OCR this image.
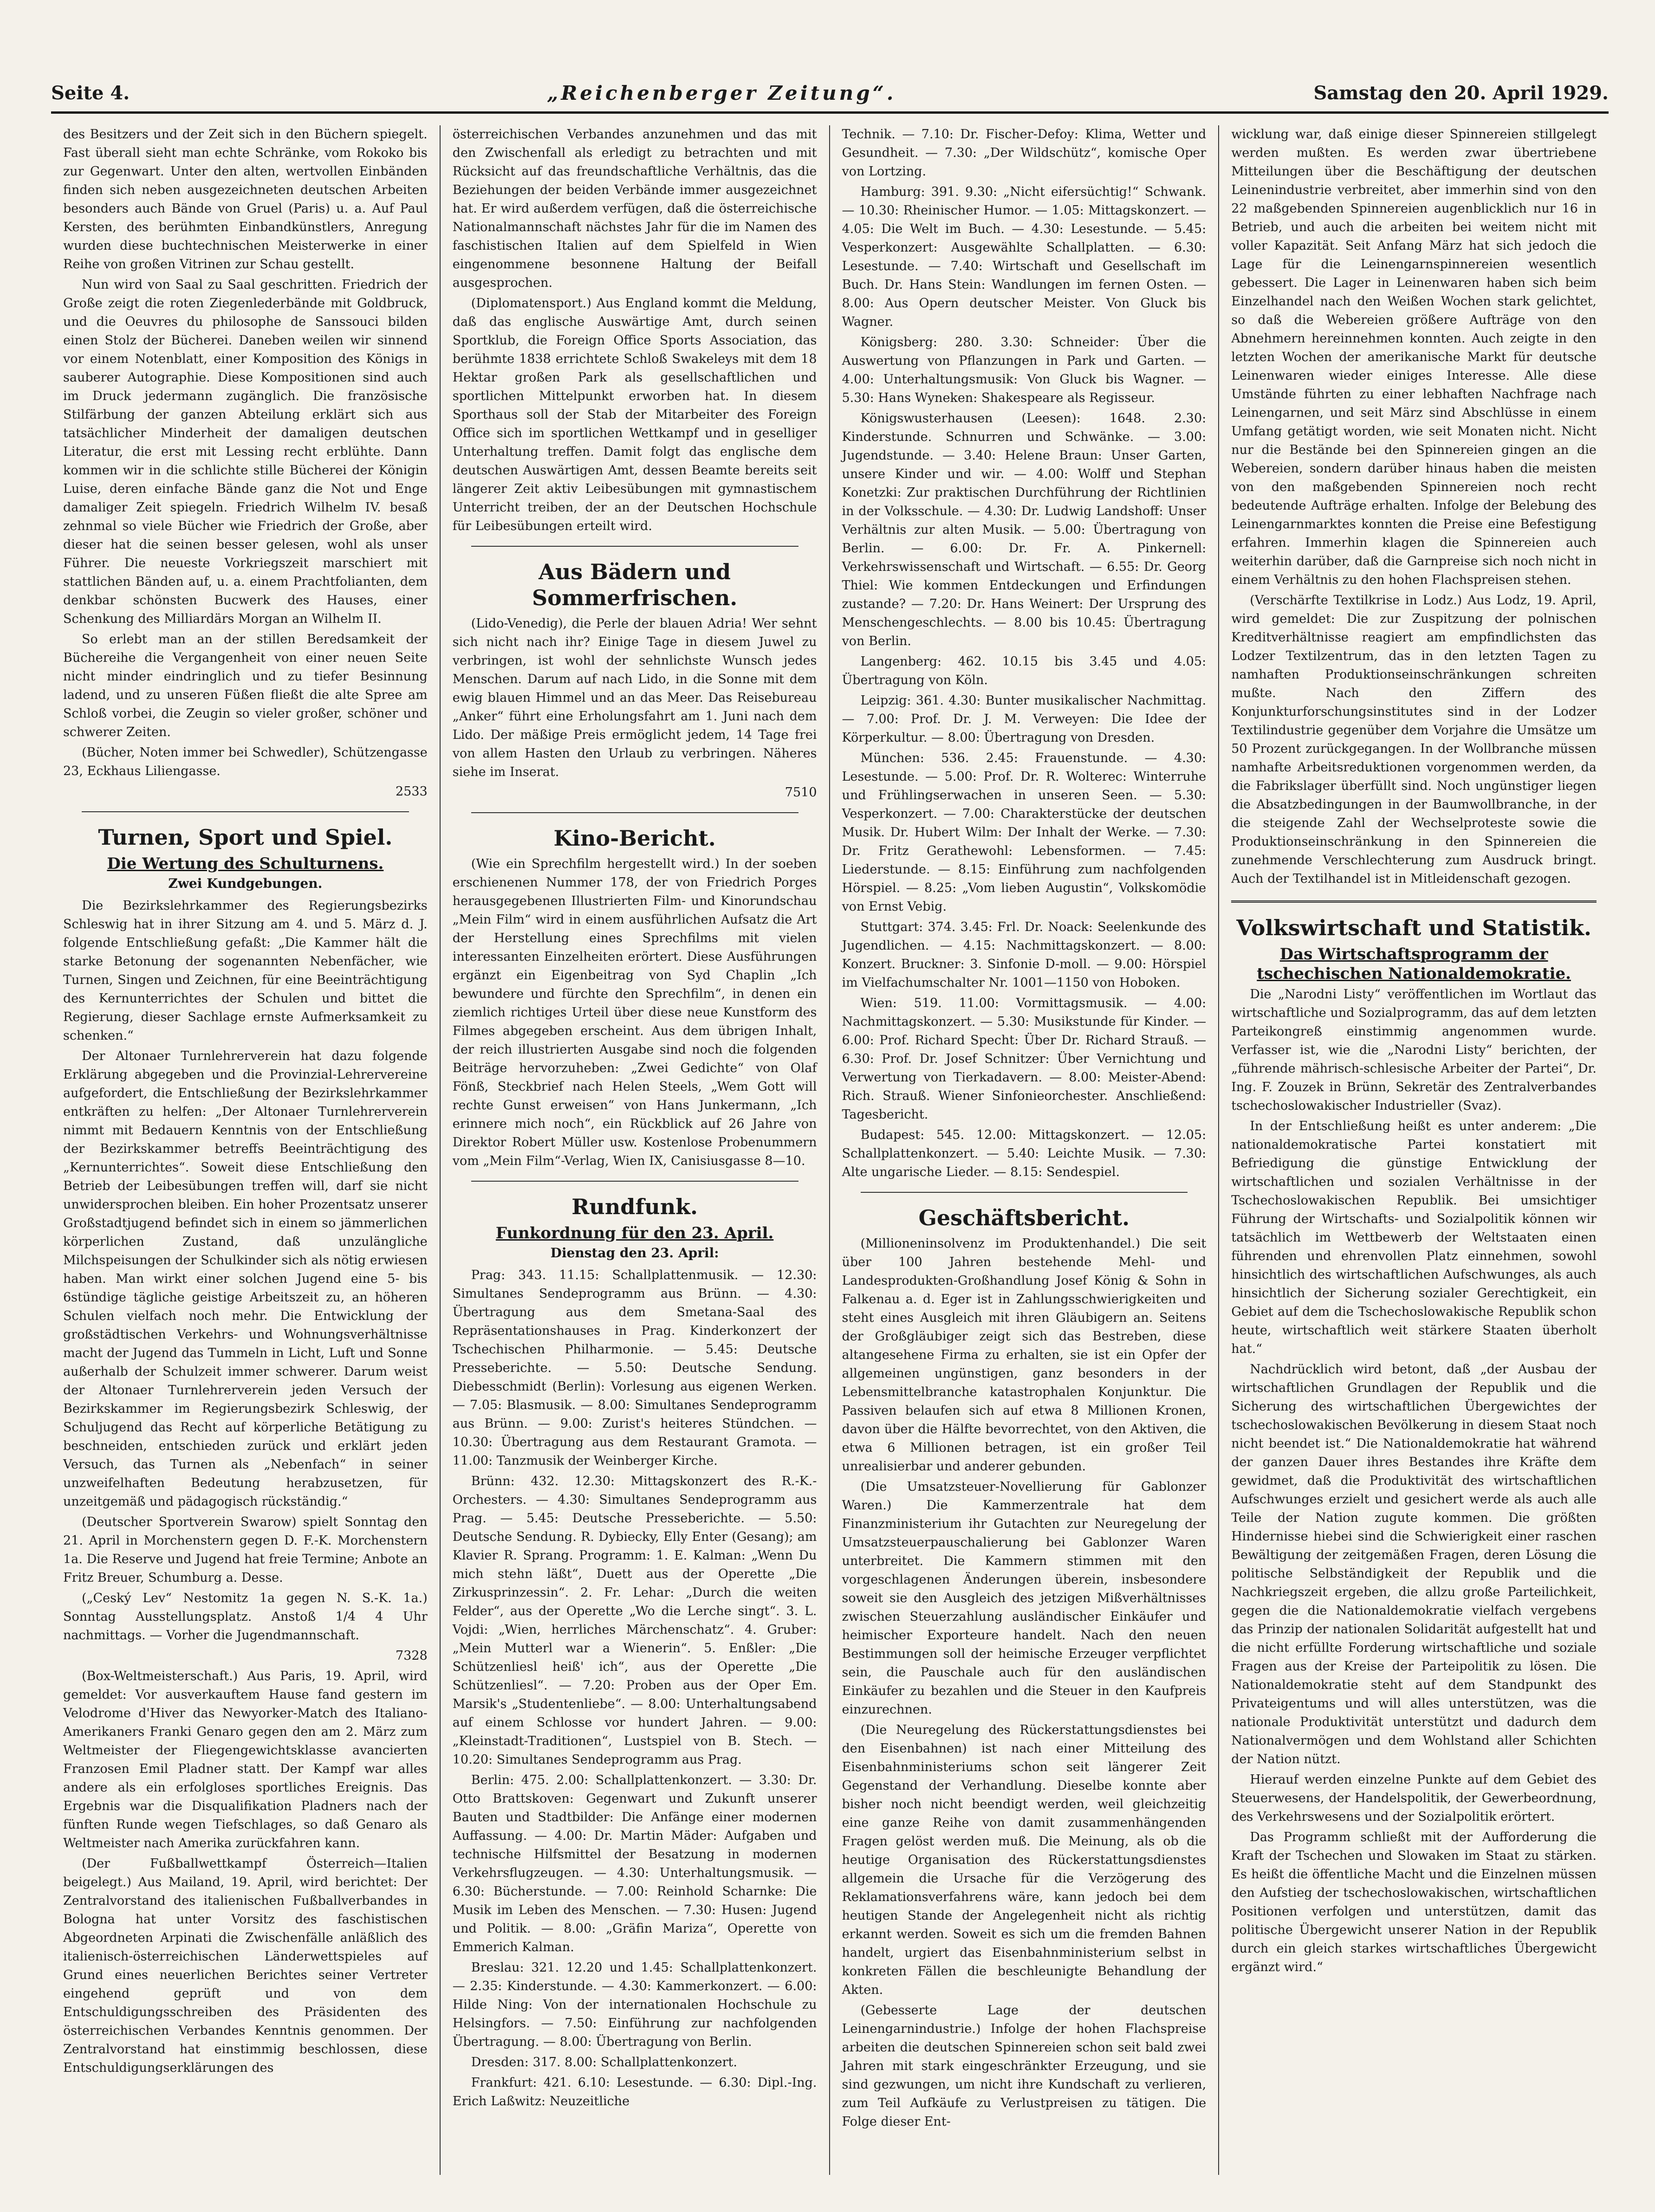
Seite 4.	„Reichenberger Zeitung“.	Samstag den 20. April 1929.

des Besitzers und der Zeit sich in den Büchern spiegelt. Fast überall sieht man echte Schränke, vom Rokoko bis zur Gegenwart. Unter den alten, wertvollen Einbänden finden sich neben ausgezeichneten deutschen Arbeiten besonders auch Bände von Gruel (Paris) u. a. Auf Paul Kersten, des berühmten Einbandkünstlers, Anregung wurden diese buchtechnischen Meisterwerke in einer Reihe von großen Vitrinen zur Schau gestellt.

Nun wird von Saal zu Saal geschritten. Friedrich der Große zeigt die roten Ziegenlederbände mit Goldbruck, und die Oeuvres du philosophe de Sanssouci bilden einen Stolz der Bücherei. Daneben weilen wir sinnend vor einem Notenblatt, einer Komposition des Königs in sauberer Autographie. Diese Kompositionen sind auch im Druck jedermann zugänglich. Die französische Stilfärbung der ganzen Abteilung erklärt sich aus tatsächlicher Minderheit der damaligen deutschen Literatur, die erst mit Lessing recht erblühte. Dann kommen wir in die schlichte stille Bücherei der Königin Luise, deren einfache Bände ganz die Not und Enge damaliger Zeit spiegeln. Friedrich Wilhelm IV. besaß zehnmal so viele Bücher wie Friedrich der Große, aber dieser hat die seinen besser gelesen, wohl als unser Führer. Die neueste Vorkriegszeit marschiert mit stattlichen Bänden auf, u. a. einem Prachtfolianten, dem denkbar schönsten Bucwerk des Hauses, einer Schenkung des Milliardärs Morgan an Wilhelm II.

So erlebt man an der stillen Beredsamkeit der Büchereihe die Vergangenheit von einer neuen Seite nicht minder eindringlich und zu tiefer Besinnung ladend, und zu unseren Füßen fließt die alte Spree am Schloß vorbei, die Zeugin so vieler großer, schöner und schwerer Zeiten.

(Bücher, Noten immer bei Schwedler), Schützengasse 23, Eckhaus Liliengasse.

2533

Turnen, Sport und Spiel.
Die Wertung des Schulturnens.
Zwei Kundgebungen.

Die Bezirkslehrkammer des Regierungsbezirks Schleswig hat in ihrer Sitzung am 4. und 5. März d. J. folgende Entschließung gefaßt: „Die Kammer hält die starke Betonung der sogenannten Nebenfächer, wie Turnen, Singen und Zeichnen, für eine Beeinträchtigung des Kernunterrichtes der Schulen und bittet die Regierung, dieser Sachlage ernste Aufmerksamkeit zu schenken.“

Der Altonaer Turnlehrerverein hat dazu folgende Erklärung abgegeben und die Provinzial-Lehrervereine aufgefordert, die Entschließung der Bezirkslehrkammer entkräften zu helfen: „Der Altonaer Turnlehrerverein nimmt mit Bedauern Kenntnis von der Entschließung der Bezirkskammer betreffs Beeinträchtigung des „Kernunterrichtes“. Soweit diese Entschließung den Betrieb der Leibesübungen treffen will, darf sie nicht unwidersprochen bleiben. Ein hoher Prozentsatz unserer Großstadtjugend befindet sich in einem so jämmerlichen körperlichen Zustand, daß unzulängliche Milchspeisungen der Schulkinder sich als nötig erwiesen haben. Man wirkt einer solchen Jugend eine 5- bis 6stündige tägliche geistige Arbeitszeit zu, an höheren Schulen vielfach noch mehr. Die Entwicklung der großstädtischen Verkehrs- und Wohnungsverhältnisse macht der Jugend das Tummeln in Licht, Luft und Sonne außerhalb der Schulzeit immer schwerer. Darum weist der Altonaer Turnlehrerverein jeden Versuch der Bezirkskammer im Regierungsbezirk Schleswig, der Schuljugend das Recht auf körperliche Betätigung zu beschneiden, entschieden zurück und erklärt jeden Versuch, das Turnen als „Nebenfach“ in seiner unzweifelhaften Bedeutung herabzusetzen, für unzeitgemäß und pädagogisch rückständig.“

(Deutscher Sportverein Swarow) spielt Sonntag den 21. April in Morchenstern gegen D. F.-K. Morchenstern 1a. Die Reserve und Jugend hat freie Termine; Anbote an Fritz Breuer, Schumburg a. Desse.

(„Ceský Lev“ Nestomitz 1a gegen N. S.-K. 1a.) Sonntag Ausstellungsplatz. Anstoß 1/4 4 Uhr nachmittags. — Vorher die Jugendmannschaft.

7328

(Box-Weltmeisterschaft.) Aus Paris, 19. April, wird gemeldet: Vor ausverkauftem Hause fand gestern im Velodrome d'Hiver das Newyorker-Match des Italiano-Amerikaners Franki Genaro gegen den am 2. März zum Weltmeister der Fliegengewichtsklasse avancierten Franzosen Emil Pladner statt. Der Kampf war alles andere als ein erfolgloses sportliches Ereignis. Das Ergebnis war die Disqualifikation Pladners nach der fünften Runde wegen Tiefschlages, so daß Genaro als Weltmeister nach Amerika zurückfahren kann.

(Der Fußballwettkampf Österreich—Italien beigelegt.) Aus Mailand, 19. April, wird berichtet: Der Zentralvorstand des italienischen Fußballverbandes in Bologna hat unter Vorsitz des faschistischen Abgeordneten Arpinati die Zwischenfälle anläßlich des italienisch-österreichischen Länderwettspieles auf Grund eines neuerlichen Berichtes seiner Vertreter eingehend geprüft und von dem Entschuldigungsschreiben des Präsidenten des österreichischen Verbandes Kenntnis genommen. Der Zentralvorstand hat einstimmig beschlossen, diese Entschuldigungserklärungen des

österreichischen Verbandes anzunehmen und das mit den Zwischenfall als erledigt zu betrachten und mit Rücksicht auf das freundschaftliche Verhältnis, das die Beziehungen der beiden Verbände immer ausgezeichnet hat. Er wird außerdem verfügen, daß die österreichische Nationalmannschaft nächstes Jahr für die im Namen des faschistischen Italien auf dem Spielfeld in Wien eingenommene besonnene Haltung der Beifall ausgesprochen.

(Diplomatensport.) Aus England kommt die Meldung, daß das englische Auswärtige Amt, durch seinen Sportklub, die Foreign Office Sports Association, das berühmte 1838 errichtete Schloß Swakeleys mit dem 18 Hektar großen Park als gesellschaftlichen und sportlichen Mittelpunkt erworben hat. In diesem Sporthaus soll der Stab der Mitarbeiter des Foreign Office sich im sportlichen Wettkampf und in geselliger Unterhaltung treffen. Damit folgt das englische dem deutschen Auswärtigen Amt, dessen Beamte bereits seit längerer Zeit aktiv Leibesübungen mit gymnastischem Unterricht treiben, der an der Deutschen Hochschule für Leibesübungen erteilt wird.

Aus Bädern und Sommerfrischen.

(Lido-Venedig), die Perle der blauen Adria! Wer sehnt sich nicht nach ihr? Einige Tage in diesem Juwel zu verbringen, ist wohl der sehnlichste Wunsch jedes Menschen. Darum auf nach Lido, in die Sonne mit dem ewig blauen Himmel und an das Meer. Das Reisebureau „Anker“ führt eine Erholungsfahrt am 1. Juni nach dem Lido. Der mäßige Preis ermöglicht jedem, 14 Tage frei von allem Hasten den Urlaub zu verbringen. Näheres siehe im Inserat.

7510

Kino-Bericht.

(Wie ein Sprechfilm hergestellt wird.) In der soeben erschienenen Nummer 178, der von Friedrich Porges herausgegebenen Illustrierten Film- und Kinorundschau „Mein Film“ wird in einem ausführlichen Aufsatz die Art der Herstellung eines Sprechfilms mit vielen interessanten Einzelheiten erörtert. Diese Ausführungen ergänzt ein Eigenbeitrag von Syd Chaplin „Ich bewundere und fürchte den Sprechfilm“, in denen ein ziemlich richtiges Urteil über diese neue Kunstform des Filmes abgegeben erscheint. Aus dem übrigen Inhalt, der reich illustrierten Ausgabe sind noch die folgenden Beiträge hervorzuheben: „Zwei Gedichte“ von Olaf Fönß, Steckbrief nach Helen Steels, „Wem Gott will rechte Gunst erweisen“ von Hans Junkermann, „Ich erinnere mich noch“, ein Rückblick auf 26 Jahre von Direktor Robert Müller usw. Kostenlose Probenummern vom „Mein Film“-Verlag, Wien IX, Canisiusgasse 8—10.

Rundfunk.
Funkordnung für den 23. April.
Dienstag den 23. April:

Prag: 343. 11.15: Schallplattenmusik. — 12.30: Simultanes Sendeprogramm aus Brünn. — 4.30: Übertragung aus dem Smetana-Saal des Repräsentationshauses in Prag. Kinderkonzert der Tschechischen Philharmonie. — 5.45: Deutsche Presseberichte. — 5.50: Deutsche Sendung. Diebesschmidt (Berlin): Vorlesung aus eigenen Werken. — 7.05: Blasmusik. — 8.00: Simultanes Sendeprogramm aus Brünn. — 9.00: Zurist's heiteres Stündchen. — 10.30: Übertragung aus dem Restaurant Gramota. — 11.00: Tanzmusik der Weinberger Kirche.

Brünn: 432. 12.30: Mittagskonzert des R.-K.-Orchesters. — 4.30: Simultanes Sendeprogramm aus Prag. — 5.45: Deutsche Presseberichte. — 5.50: Deutsche Sendung. R. Dybiecky, Elly Enter (Gesang); am Klavier R. Sprang. Programm: 1. E. Kalman: „Wenn Du mich stehn läßt“, Duett aus der Operette „Die Zirkusprinzessin“. 2. Fr. Lehar: „Durch die weiten Felder“, aus der Operette „Wo die Lerche singt“. 3. L. Vojdi: „Wien, herrliches Märchenschatz“. 4. Gruber: „Mein Mutterl war a Wienerin“. 5. Enßler: „Die Schützenliesl heiß' ich“, aus der Operette „Die Schützenliesl“. — 7.20: Proben aus der Oper Em. Marsik's „Studentenliebe“. — 8.00: Unterhaltungsabend auf einem Schlosse vor hundert Jahren. — 9.00: „Kleinstadt-Traditionen“, Lustspiel von B. Stech. — 10.20: Simultanes Sendeprogramm aus Prag.

Berlin: 475. 2.00: Schallplattenkonzert. — 3.30: Dr. Otto Brattskoven: Gegenwart und Zukunft unserer Bauten und Stadtbilder: Die Anfänge einer modernen Auffassung. — 4.00: Dr. Martin Mäder: Aufgaben und technische Hilfsmittel der Besatzung in modernen Verkehrsflugzeugen. — 4.30: Unterhaltungsmusik. — 6.30: Bücherstunde. — 7.00: Reinhold Scharnke: Die Musik im Leben des Menschen. — 7.30: Husen: Jugend und Politik. — 8.00: „Gräfin Mariza“, Operette von Emmerich Kalman.

Breslau: 321. 12.20 und 1.45: Schallplattenkonzert. — 2.35: Kinderstunde. — 4.30: Kammerkonzert. — 6.00: Hilde Ning: Von der internationalen Hochschule zu Helsingfors. — 7.50: Einführung zur nachfolgenden Übertragung. — 8.00: Übertragung von Berlin.

Dresden: 317. 8.00: Schallplattenkonzert.

Frankfurt: 421. 6.10: Lesestunde. — 6.30: Dipl.-Ing. Erich Laßwitz: Neuzeitliche

Technik. — 7.10: Dr. Fischer-Defoy: Klima, Wetter und Gesundheit. — 7.30: „Der Wildschütz“, komische Oper von Lortzing.

Hamburg: 391. 9.30: „Nicht eifersüchtig!“ Schwank. — 10.30: Rheinischer Humor. — 1.05: Mittagskonzert. — 4.05: Die Welt im Buch. — 4.30: Lesestunde. — 5.45: Vesperkonzert: Ausgewählte Schallplatten. — 6.30: Lesestunde. — 7.40: Wirtschaft und Gesellschaft im Buch. Dr. Hans Stein: Wandlungen im fernen Osten. — 8.00: Aus Opern deutscher Meister. Von Gluck bis Wagner.

Königsberg: 280. 3.30: Schneider: Über die Auswertung von Pflanzungen in Park und Garten. — 4.00: Unterhaltungsmusik: Von Gluck bis Wagner. — 5.30: Hans Wyneken: Shakespeare als Regisseur.

Königswusterhausen (Leesen): 1648. 2.30: Kinderstunde. Schnurren und Schwänke. — 3.00: Jugendstunde. — 3.40: Helene Braun: Unser Garten, unsere Kinder und wir. — 4.00: Wolff und Stephan Konetzki: Zur praktischen Durchführung der Richtlinien in der Volksschule. — 4.30: Dr. Ludwig Landshoff: Unser Verhältnis zur alten Musik. — 5.00: Übertragung von Berlin. — 6.00: Dr. Fr. A. Pinkernell: Verkehrswissenschaft und Wirtschaft. — 6.55: Dr. Georg Thiel: Wie kommen Entdeckungen und Erfindungen zustande? — 7.20: Dr. Hans Weinert: Der Ursprung des Menschengeschlechts. — 8.00 bis 10.45: Übertragung von Berlin.

Langenberg: 462. 10.15 bis 3.45 und 4.05: Übertragung von Köln.

Leipzig: 361. 4.30: Bunter musikalischer Nachmittag. — 7.00: Prof. Dr. J. M. Verweyen: Die Idee der Körperkultur. — 8.00: Übertragung von Dresden.

München: 536. 2.45: Frauenstunde. — 4.30: Lesestunde. — 5.00: Prof. Dr. R. Wolterec: Winterruhe und Frühlingserwachen in unseren Seen. — 5.30: Vesperkonzert. — 7.00: Charakterstücke der deutschen Musik. Dr. Hubert Wilm: Der Inhalt der Werke. — 7.30: Dr. Fritz Gerathewohl: Lebensformen. — 7.45: Liederstunde. — 8.15: Einführung zum nachfolgenden Hörspiel. — 8.25: „Vom lieben Augustin“, Volkskomödie von Ernst Vebig.

Stuttgart: 374. 3.45: Frl. Dr. Noack: Seelenkunde des Jugendlichen. — 4.15: Nachmittagskonzert. — 8.00: Konzert. Bruckner: 3. Sinfonie D-moll. — 9.00: Hörspiel im Vielfachumschalter Nr. 1001—1150 von Hoboken.

Wien: 519. 11.00: Vormittagsmusik. — 4.00: Nachmittagskonzert. — 5.30: Musikstunde für Kinder. — 6.00: Prof. Richard Specht: Über Dr. Richard Strauß. — 6.30: Prof. Dr. Josef Schnitzer: Über Vernichtung und Verwertung von Tierkadavern. — 8.00: Meister-Abend: Rich. Strauß. Wiener Sinfonieorchester. Anschließend: Tagesbericht.

Budapest: 545. 12.00: Mittagskonzert. — 12.05: Schallplattenkonzert. — 5.40: Leichte Musik. — 7.30: Alte ungarische Lieder. — 8.15: Sendespiel.

Geschäftsbericht.

(Millioneninsolvenz im Produktenhandel.) Die seit über 100 Jahren bestehende Mehl- und Landesprodukten-Großhandlung Josef König & Sohn in Falkenau a. d. Eger ist in Zahlungsschwierigkeiten und steht eines Ausgleich mit ihren Gläubigern an. Seitens der Großgläubiger zeigt sich das Bestreben, diese altangesehene Firma zu erhalten, sie ist ein Opfer der allgemeinen ungünstigen, ganz besonders in der Lebensmittelbranche katastrophalen Konjunktur. Die Passiven belaufen sich auf etwa 8 Millionen Kronen, davon über die Hälfte bevorrechtet, von den Aktiven, die etwa 6 Millionen betragen, ist ein großer Teil unrealisierbar und anderer gebunden.

(Die Umsatzsteuer-Novellierung für Gablonzer Waren.) Die Kammerzentrale hat dem Finanzministerium ihr Gutachten zur Neuregelung der Umsatzsteuerpauschalierung bei Gablonzer Waren unterbreitet. Die Kammern stimmen mit den vorgeschlagenen Änderungen überein, insbesondere soweit sie den Ausgleich des jetzigen Mißverhältnisses zwischen Steuerzahlung ausländischer Einkäufer und heimischer Exporteure handelt. Nach den neuen Bestimmungen soll der heimische Erzeuger verpflichtet sein, die Pauschale auch für den ausländischen Einkäufer zu bezahlen und die Steuer in den Kaufpreis einzurechnen.

(Die Neuregelung des Rückerstattungsdienstes bei den Eisenbahnen) ist nach einer Mitteilung des Eisenbahnministeriums schon seit längerer Zeit Gegenstand der Verhandlung. Dieselbe konnte aber bisher noch nicht beendigt werden, weil gleichzeitig eine ganze Reihe von damit zusammenhängenden Fragen gelöst werden muß. Die Meinung, als ob die heutige Organisation des Rückerstattungsdienstes allgemein die Ursache für die Verzögerung des Reklamationsverfahrens wäre, kann jedoch bei dem heutigen Stande der Angelegenheit nicht als richtig erkannt werden. Soweit es sich um die fremden Bahnen handelt, urgiert das Eisenbahnministerium selbst in konkreten Fällen die beschleunigte Behandlung der Akten.

(Gebesserte Lage der deutschen Leinengarnindustrie.) Infolge der hohen Flachspreise arbeiten die deutschen Spinnereien schon seit bald zwei Jahren mit stark eingeschränkter Erzeugung, und sie sind gezwungen, um nicht ihre Kundschaft zu verlieren, zum Teil Aufkäufe zu Verlustpreisen zu tätigen. Die Folge dieser Ent-

wicklung war, daß einige dieser Spinnereien stillgelegt werden mußten. Es werden zwar übertriebene Mitteilungen über die Beschäftigung der deutschen Leinenindustrie verbreitet, aber immerhin sind von den 22 maßgebenden Spinnereien augenblicklich nur 16 in Betrieb, und auch die arbeiten bei weitem nicht mit voller Kapazität. Seit Anfang März hat sich jedoch die Lage für die Leinengarnspinnereien wesentlich gebessert. Die Lager in Leinenwaren haben sich beim Einzelhandel nach den Weißen Wochen stark gelichtet, so daß die Webereien größere Aufträge von den Abnehmern hereinnehmen konnten. Auch zeigte in den letzten Wochen der amerikanische Markt für deutsche Leinenwaren wieder einiges Interesse. Alle diese Umstände führten zu einer lebhaften Nachfrage nach Leinengarnen, und seit März sind Abschlüsse in einem Umfang getätigt worden, wie seit Monaten nicht. Nicht nur die Bestände bei den Spinnereien gingen an die Webereien, sondern darüber hinaus haben die meisten von den maßgebenden Spinnereien noch recht bedeutende Aufträge erhalten. Infolge der Belebung des Leinengarnmarktes konnten die Preise eine Befestigung erfahren. Immerhin klagen die Spinnereien auch weiterhin darüber, daß die Garnpreise sich noch nicht in einem Verhältnis zu den hohen Flachspreisen stehen.

(Verschärfte Textilkrise in Lodz.) Aus Lodz, 19. April, wird gemeldet: Die zur Zuspitzung der polnischen Kreditverhältnisse reagiert am empfindlichsten das Lodzer Textilzentrum, das in den letzten Tagen zu namhaften Produktionseinschränkungen schreiten mußte. Nach den Ziffern des Konjunkturforschungsinstitutes sind in der Lodzer Textilindustrie gegenüber dem Vorjahre die Umsätze um 50 Prozent zurückgegangen. In der Wollbranche müssen namhafte Arbeitsreduktionen vorgenommen werden, da die Fabrikslager überfüllt sind. Noch ungünstiger liegen die Absatzbedingungen in der Baumwollbranche, in der die steigende Zahl der Wechselproteste sowie die Produktionseinschränkung in den Spinnereien die zunehmende Verschlechterung zum Ausdruck bringt. Auch der Textilhandel ist in Mitleidenschaft gezogen.

Volkswirtschaft und Statistik.
Das Wirtschaftsprogramm der tschechischen Nationaldemokratie.

Die „Narodni Listy“ veröffentlichen im Wortlaut das wirtschaftliche und Sozialprogramm, das auf dem letzten Parteikongreß einstimmig angenommen wurde. Verfasser ist, wie die „Narodni Listy“ berichten, der „führende mährisch-schlesische Arbeiter der Partei“, Dr. Ing. F. Zouzek in Brünn, Sekretär des Zentralverbandes tschechoslowakischer Industrieller (Svaz).

In der Entschließung heißt es unter anderem: „Die nationaldemokratische Partei konstatiert mit Befriedigung die günstige Entwicklung der wirtschaftlichen und sozialen Verhältnisse in der Tschechoslowakischen Republik. Bei umsichtiger Führung der Wirtschafts- und Sozialpolitik können wir tatsächlich im Wettbewerb der Weltstaaten einen führenden und ehrenvollen Platz einnehmen, sowohl hinsichtlich des wirtschaftlichen Aufschwunges, als auch hinsichtlich der Sicherung sozialer Gerechtigkeit, ein Gebiet auf dem die Tschechoslowakische Republik schon heute, wirtschaftlich weit stärkere Staaten überholt hat.“

Nachdrücklich wird betont, daß „der Ausbau der wirtschaftlichen Grundlagen der Republik und die Sicherung des wirtschaftlichen Übergewichtes der tschechoslowakischen Bevölkerung in diesem Staat noch nicht beendet ist.“ Die Nationaldemokratie hat während der ganzen Dauer ihres Bestandes ihre Kräfte dem gewidmet, daß die Produktivität des wirtschaftlichen Aufschwunges erzielt und gesichert werde als auch alle Teile der Nation zugute kommen. Die größten Hindernisse hiebei sind die Schwierigkeit einer raschen Bewältigung der zeitgemäßen Fragen, deren Lösung die politische Selbständigkeit der Republik und die Nachkriegszeit ergeben, die allzu große Parteilichkeit, gegen die die Nationaldemokratie vielfach vergebens das Prinzip der nationalen Solidarität aufgestellt hat und die nicht erfüllte Forderung wirtschaftliche und soziale Fragen aus der Kreise der Parteipolitik zu lösen. Die Nationaldemokratie steht auf dem Standpunkt des Privateigentums und will alles unterstützen, was die nationale Produktivität unterstützt und dadurch dem Nationalvermögen und dem Wohlstand aller Schichten der Nation nützt.

Hierauf werden einzelne Punkte auf dem Gebiet des Steuerwesens, der Handelspolitik, der Gewerbeordnung, des Verkehrswesens und der Sozialpolitik erörtert.

Das Programm schließt mit der Aufforderung die Kraft der Tschechen und Slowaken im Staat zu stärken. Es heißt die öffentliche Macht und die Einzelnen müssen den Aufstieg der tschechoslowakischen, wirtschaftlichen Positionen verfolgen und unterstützen, damit das politische Übergewicht unserer Nation in der Republik durch ein gleich starkes wirtschaftliches Übergewicht ergänzt wird.“
